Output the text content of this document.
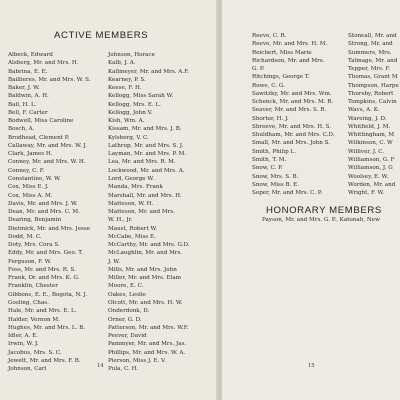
ACTIVE MEMBERS
Albeck, Edward
Alsberg, Mr. and Mrs. H.
Babrina, E. E.
Baillieres, Mr. and Mrs. W. S.
Baker, J. W.
Baldwin, A. H.
Ball, H. L.
Bell, F. Carter
Bodwell, Miss Caroline
Bosch, A.
Brodhead, Clement P.
Callaway, Mr. and Mrs. W. J.
Clark, James H.
Conney, Mr. and Mrs. W. H.
Conney, C. F.
Constantine, W. W.
Cox, Miss E. J.
Cox, Miss A. M.
Davis, Mr. and Mrs. J. W.
Dean, Mr. and Mrs. C. M.
Dearing, Benjamin
Dietmick, Mr. and Mrs. Jesse
Dodd, M. C.
Doty, Mrs. Cora S.
Eddy, Mr. and Mrs. Geo. T.
Ferguson, F. W.
Foss, Mr. and Mrs. R. S.
Frank, Dr. and Mrs. K. G.
Franklin, Chester
Gibbons, E. E., Bogota, N. J.
Gosling, Chas.
Hale, Mr. and Mrs. E. L.
Halder, Vernon M.
Hughes, Mr. and Mrs. L. B.
Idler, A. E.
Irwin, W. J.
Jacobus, Mrs. S. C.
Jewett, Mr. and Mrs. F. B.
Johnson, Carl
Johnson, Horace
Kalb, J. A.
Kallmeyer, Mr. and Mrs. A.F.
Kearney, P. S.
Keese, F. H.
Kellogg, Miss Sarah W.
Kellogg, Mrs. E. L.
Kellogg, John V.
Kish, Wm. A.
Kissam, Mr. and Mrs. J. B.
Kylsberg, V. C.
Lathrop, Mr. and Mrs. S. J.
Layman, Mr. and Mrs. P. M.
Lea, Mr. and Mrs. R. M.
Lockwood, Mr. and Mrs. A.
Lord, George W.
Manda, Mrs. Frank
Marshall, Mr. and Mrs. H.
Matteson, W. H.
Matteson, Mr. and Mrs.
W. H., Jr.
Maust, Robert W.
McCabe, Miss E.
McCarthy, Mr. and Mrs. G.D.
McLaughlin, Mr. and Mrs.
J. W.
Mills, Mr. and Mrs. John
Miller, Mr. and Mrs. Elam
Moore, E. C.
Oakes, Leslie
Olcott, Mr. and Mrs. H. W.
Onderdonk, D.
Orner, G. D.
Patterson, Mr. and Mrs. W.F.
Peever, David
Pammyer, Mr. and Mrs. Jas.
Phillips, Mr. and Mrs. W. A.
Pierson, Miss J. E. V.
Pula, C. H.
14
Reeve, C. R.
Reeve, Mr. and Mrs. H. M.
Reichert, Miss Marie
Richardson, Mr. and Mrs.
G. P.
Ritchings, George T.
Rowe, C. G.
Sawitzky, Mr. and Mrs. Wm.
Schenck, Mr. and Mrs. M. R.
Seaver, Mr. and Mrs. S. R.
Shorter, H. J.
Shreeve, Mr. and Mrs. H. S.
Shuldham, Mr. and Mrs. C.D.
Small, Mr. and Mrs. John S.
Smith, Philip L.
Smith, T. M.
Snow, C. P.
Snow, Mrs. S. B.
Snow, Miss B. E.
Soper, Mr. and Mrs. C. P.
Stoneall, Mr. and
Strong, Mr. and
Summers, Mrs.
Talmage, Mr. and
Tepper, Mrs. F.
Thomas, Grant M
Thompson, Harpe
Thursby, Robert
Tompkins, Calvin
Wavs, A. K.
Wareing, J. D.
Whitfield, J. M.
Whittingham, M
Wilkinson, C. W
Williver, J. C.
Williamson, G. F
Williamson, J. G
Woolsey, E. W.
Worden, Mr. and
Wright, F. W.
HONORARY MEMBERS
Payson, Mr. and Mrs. G. P., Katonah, New
15
